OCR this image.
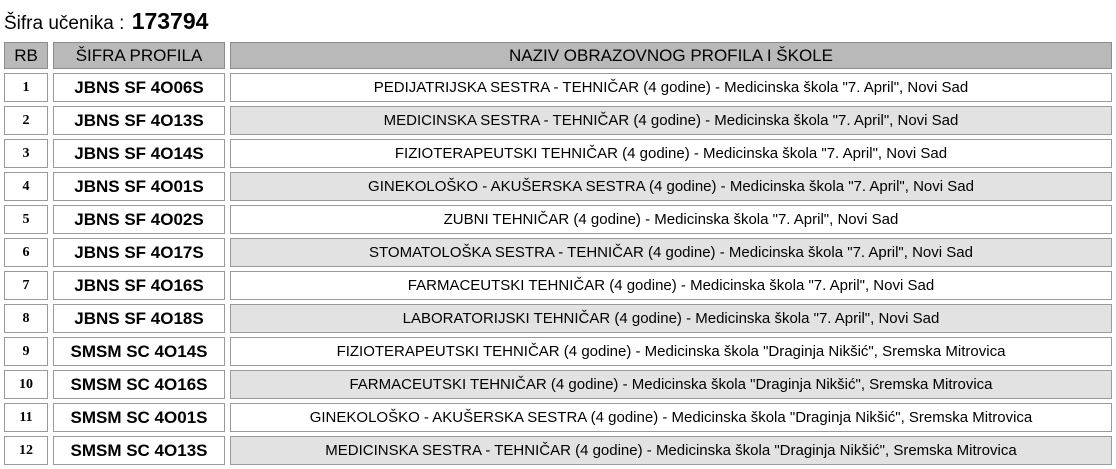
Šifra učenika : 173794
RB	ŠIFRA PROFILA	NAZIV OBRAZOVNOG PROFILA I ŠKOLE
1	JBNS SF 4O06S	PEDIJATRIJSKA SESTRA - TEHNIČAR (4 godine) - Medicinska škola "7. April", Novi Sad
2	JBNS SF 4O13S	MEDICINSKA SESTRA - TEHNIČAR (4 godine) - Medicinska škola "7. April", Novi Sad
3	JBNS SF 4O14S	FIZIOTERAPEUTSKI TEHNIČAR (4 godine) - Medicinska škola "7. April", Novi Sad
4	JBNS SF 4O01S	GINEKOLOŠKO - AKUŠERSKA SESTRA (4 godine) - Medicinska škola "7. April", Novi Sad
5	JBNS SF 4O02S	ZUBNI TEHNIČAR (4 godine) - Medicinska škola "7. April", Novi Sad
6	JBNS SF 4O17S	STOMATOLOŠKA SESTRA - TEHNIČAR (4 godine) - Medicinska škola "7. April", Novi Sad
7	JBNS SF 4O16S	FARMACEUTSKI TEHNIČAR (4 godine) - Medicinska škola "7. April", Novi Sad
8	JBNS SF 4O18S	LABORATORIJSKI TEHNIČAR (4 godine) - Medicinska škola "7. April", Novi Sad
9	SMSM SC 4O14S	FIZIOTERAPEUTSKI TEHNIČAR (4 godine) - Medicinska škola "Draginja Nikšić", Sremska Mitrovica
10	SMSM SC 4O16S	FARMACEUTSKI TEHNIČAR (4 godine) - Medicinska škola "Draginja Nikšić", Sremska Mitrovica
11	SMSM SC 4O01S	GINEKOLOŠKO - AKUŠERSKA SESTRA (4 godine) - Medicinska škola "Draginja Nikšić", Sremska Mitrovica
12	SMSM SC 4O13S	MEDICINSKA SESTRA - TEHNIČAR (4 godine) - Medicinska škola "Draginja Nikšić", Sremska Mitrovica
